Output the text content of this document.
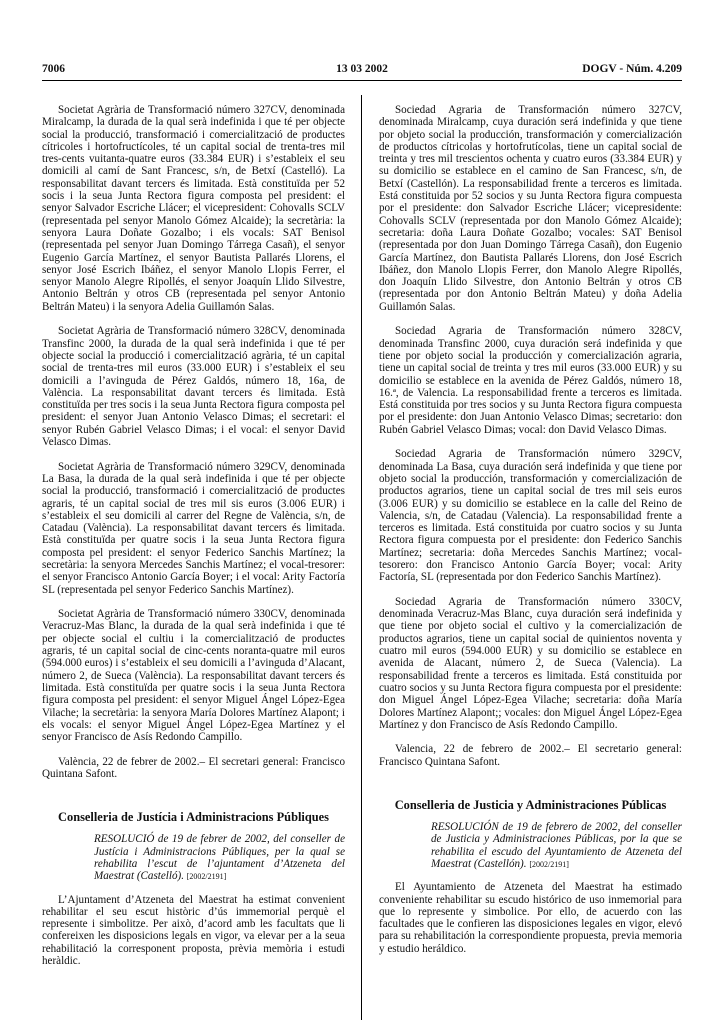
7006	13 03 2002	DOGV - Núm. 4.209

Societat Agrària de Transformació número 327CV, denominada Miralcamp, la durada de la qual serà indefinida i que té per objecte social la producció, transformació i comercialització de productes cítricoles i hortofructícoles, té un capital social de trenta-tres mil tres-cents vuitanta-quatre euros (33.384 EUR) i s’estableix el seu domicili al camí de Sant Francesc, s/n, de Betxí (Castelló). La responsabilitat davant tercers és limitada. Està constituïda per 52 socis i la seua Junta Rectora figura composta pel president: el senyor Salvador Escriche Llácer; el vicepresident: Cohovalls SCLV (representada pel senyor Manolo Gómez Alcaide); la secretària: la senyora Laura Doñate Gozalbo; i els vocals: SAT Benisol (representada pel senyor Juan Domingo Tárrega Casañ), el senyor Eugenio García Martínez, el senyor Bautista Pallarés Llorens, el senyor José Escrich Ibáñez, el senyor Manolo Llopis Ferrer, el senyor Manolo Alegre Ripollés, el senyor Joaquín Llido Silvestre, Antonio Beltrán y otros CB (representada pel senyor Antonio Beltrán Mateu) i la senyora Adelia Guillamón Salas.

Societat Agrària de Transformació número 328CV, denominada Transfinc 2000, la durada de la qual serà indefinida i que té per objecte social la producció i comercialització agrària, té un capital social de trenta-tres mil euros (33.000 EUR) i s’estableix el seu domicili a l’avinguda de Pérez Galdós, número 18, 16a, de València. La responsabilitat davant tercers és limitada. Està constituïda per tres socis i la seua Junta Rectora figura composta pel president: el senyor Juan Antonio Velasco Dimas; el secretari: el senyor Rubén Gabriel Velasco Dimas; i el vocal: el senyor David Velasco Dimas.

Societat Agrària de Transformació número 329CV, denominada La Basa, la durada de la qual serà indefinida i que té per objecte social la producció, transformació i comercialització de productes agraris, té un capital social de tres mil sis euros (3.006 EUR) i s’estableix el seu domicili al carrer del Regne de València, s/n, de Catadau (València). La responsabilitat davant tercers és limitada. Està constituïda per quatre socis i la seua Junta Rectora figura composta pel president: el senyor Federico Sanchis Martínez; la secretària: la senyora Mercedes Sanchis Martínez; el vocal-tresorer: el senyor Francisco Antonio García Boyer; i el vocal: Arity Factoría SL (representada pel senyor Federico Sanchis Martínez).

Societat Agrària de Transformació número 330CV, denominada Veracruz-Mas Blanc, la durada de la qual serà indefinida i que té per objecte social el cultiu i la comercialització de productes agraris, té un capital social de cinc-cents noranta-quatre mil euros (594.000 euros) i s’estableix el seu domicili a l’avinguda d’Alacant, número 2, de Sueca (València). La responsabilitat davant tercers és limitada. Està constituïda per quatre socis i la seua Junta Rectora figura composta pel president: el senyor Miguel Ángel López-Egea Vilache; la secretària: la senyora María Dolores Martínez Alapont; i els vocals: el senyor Miguel Ángel López-Egea Martínez y el senyor Francisco de Asís Redondo Campillo.

València, 22 de febrer de 2002.– El secretari general: Francisco Quintana Safont.

Conselleria de Justícia i Administracions Públiques
RESOLUCIÓ de 19 de febrer de 2002, del conseller de Justícia i Administracions Públiques, per la qual se rehabilita l’escut de l’ajuntament d’Atzeneta del Maestrat (Castelló). [2002/2191]

L’Ajuntament d’Atzeneta del Maestrat ha estimat convenient rehabilitar el seu escut històric d’ús immemorial perquè el represente i simbolitze. Per això, d’acord amb les facultats que li confereixen les disposicions legals en vigor, va elevar per a la seua rehabilitació la corresponent proposta, prèvia memòria i estudi heràldic.

Sociedad Agraria de Transformación número 327CV, denominada Miralcamp, cuya duración será indefinida y que tiene por objeto social la producción, transformación y comercialización de productos cítricolas y hortofrutícolas, tiene un capital social de treinta y tres mil trescientos ochenta y cuatro euros (33.384 EUR) y su domicilio se establece en el camino de San Francesc, s/n, de Betxí (Castellón). La responsabilidad frente a terceros es limitada. Está constituida por 52 socios y su Junta Rectora figura compuesta por el presidente: don Salvador Escriche Llácer; vicepresidente: Cohovalls SCLV (representada por don Manolo Gómez Alcaide); secretaria: doña Laura Doñate Gozalbo; vocales: SAT Benisol (representada por don Juan Domingo Tárrega Casañ), don Eugenio García Martínez, don Bautista Pallarés Llorens, don José Escrich Ibáñez, don Manolo Llopis Ferrer, don Manolo Alegre Ripollés, don Joaquín Llido Silvestre, don Antonio Beltrán y otros CB (representada por don Antonio Beltrán Mateu) y doña Adelia Guillamón Salas.

Sociedad Agraria de Transformación número 328CV, denominada Transfinc 2000, cuya duración será indefinida y que tiene por objeto social la producción y comercialización agraria, tiene un capital social de treinta y tres mil euros (33.000 EUR) y su domicilio se establece en la avenida de Pérez Galdós, número 18, 16.ª, de Valencia. La responsabilidad frente a terceros es limitada. Está constituida por tres socios y su Junta Rectora figura compuesta por el presidente: don Juan Antonio Velasco Dimas; secretario: don Rubén Gabriel Velasco Dimas; vocal: don David Velasco Dimas.

Sociedad Agraria de Transformación número 329CV, denominada La Basa, cuya duración será indefinida y que tiene por objeto social la producción, transformación y comercialización de productos agrarios, tiene un capital social de tres mil seis euros (3.006 EUR) y su domicilio se establece en la calle del Reino de Valencia, s/n, de Catadau (Valencia). La responsabilidad frente a terceros es limitada. Está constituida por cuatro socios y su Junta Rectora figura compuesta por el presidente: don Federico Sanchis Martínez; secretaria: doña Mercedes Sanchis Martínez; vocal-tesorero: don Francisco Antonio García Boyer; vocal: Arity Factoría, SL (representada por don Federico Sanchis Martínez).

Sociedad Agraria de Transformación número 330CV, denominada Veracruz-Mas Blanc, cuya duración será indefinida y que tiene por objeto social el cultivo y la comercialización de productos agrarios, tiene un capital social de quinientos noventa y cuatro mil euros (594.000 EUR) y su domicilio se establece en avenida de Alacant, número 2, de Sueca (Valencia). La responsabilidad frente a terceros es limitada. Está constituida por cuatro socios y su Junta Rectora figura compuesta por el presidente: don Miguel Ángel López-Egea Vilache; secretaria: doña María Dolores Martínez Alapont;; vocales: don Miguel Ángel López-Egea Martínez y don Francisco de Asís Redondo Campillo.

Valencia, 22 de febrero de 2002.– El secretario general: Francisco Quintana Safont.

Conselleria de Justicia y Administraciones Públicas
RESOLUCIÓN de 19 de febrero de 2002, del conseller de Justicia y Administraciones Públicas, por la que se rehabilita el escudo del Ayuntamiento de Atzeneta del Maestrat (Castellón). [2002/2191]

El Ayuntamiento de Atzeneta del Maestrat ha estimado conveniente rehabilitar su escudo histórico de uso inmemorial para que lo represente y simbolice. Por ello, de acuerdo con las facultades que le confieren las disposiciones legales en vigor, elevó para su rehabilitación la correspondiente propuesta, previa memoria y estudio heráldico.
